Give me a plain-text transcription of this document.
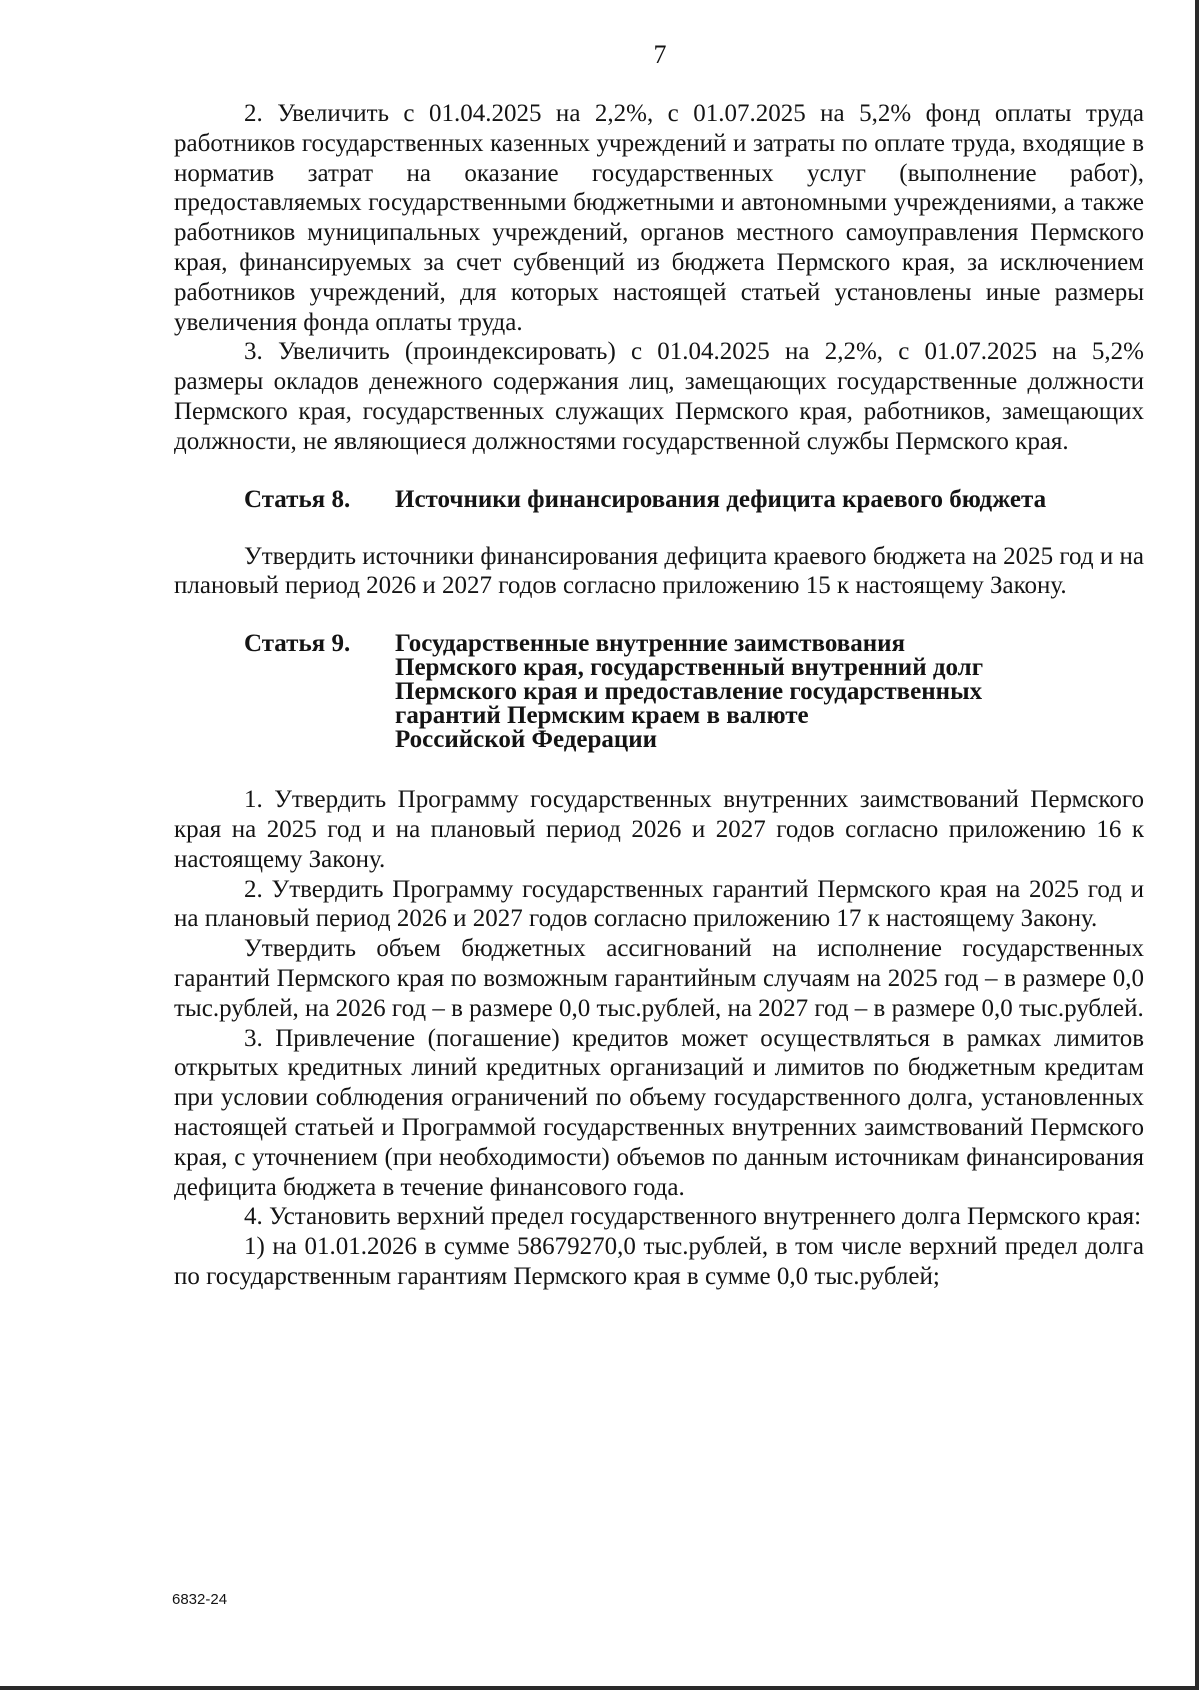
7

2. Увеличить с 01.04.2025 на 2,2%, с 01.07.2025 на 5,2% фонд оплаты труда работников государственных казенных учреждений и затраты по оплате труда, входящие в норматив затрат на оказание государственных услуг (выполнение работ), предоставляемых государственными бюджетными и автономными учреждениями, а также работников муниципальных учреждений, органов местного самоуправления Пермского края, финансируемых за счет субвенций из бюджета Пермского края, за исключением работников учреждений, для которых настоящей статьей установлены иные размеры увеличения фонда оплаты труда.

3. Увеличить (проиндексировать) с 01.04.2025 на 2,2%, с 01.07.2025 на 5,2% размеры окладов денежного содержания лиц, замещающих государственные должности Пермского края, государственных служащих Пермского края, работников, замещающих должности, не являющиеся должностями государственной службы Пермского края.

Статья 8.	Источники финансирования дефицита краевого бюджета

Утвердить источники финансирования дефицита краевого бюджета на 2025 год и на плановый период 2026 и 2027 годов согласно приложению 15 к настоящему Закону.

Статья 9.	Государственные внутренние заимствования
Пермского края, государственный внутренний долг
Пермского края и предоставление государственных
гарантий Пермским краем в валюте
Российской Федерации

1. Утвердить Программу государственных внутренних заимствований Пермского края на 2025 год и на плановый период 2026 и 2027 годов согласно приложению 16 к настоящему Закону.

2. Утвердить Программу государственных гарантий Пермского края на 2025 год и на плановый период 2026 и 2027 годов согласно приложению 17 к настоящему Закону.

Утвердить объем бюджетных ассигнований на исполнение государственных гарантий Пермского края по возможным гарантийным случаям на 2025 год – в размере 0,0 тыс.рублей, на 2026 год – в размере 0,0 тыс.рублей, на 2027 год – в размере 0,0 тыс.рублей.

3. Привлечение (погашение) кредитов может осуществляться в рамках лимитов открытых кредитных линий кредитных организаций и лимитов по бюджетным кредитам при условии соблюдения ограничений по объему государственного долга, установленных настоящей статьей и Программой государственных внутренних заимствований Пермского края, с уточнением (при необходимости) объемов по данным источникам финансирования дефицита бюджета в течение финансового года.

4. Установить верхний предел государственного внутреннего долга Пермского края:

1) на 01.01.2026 в сумме 58679270,0 тыс.рублей, в том числе верхний предел долга по государственным гарантиям Пермского края в сумме 0,0 тыс.рублей;

6832-24
